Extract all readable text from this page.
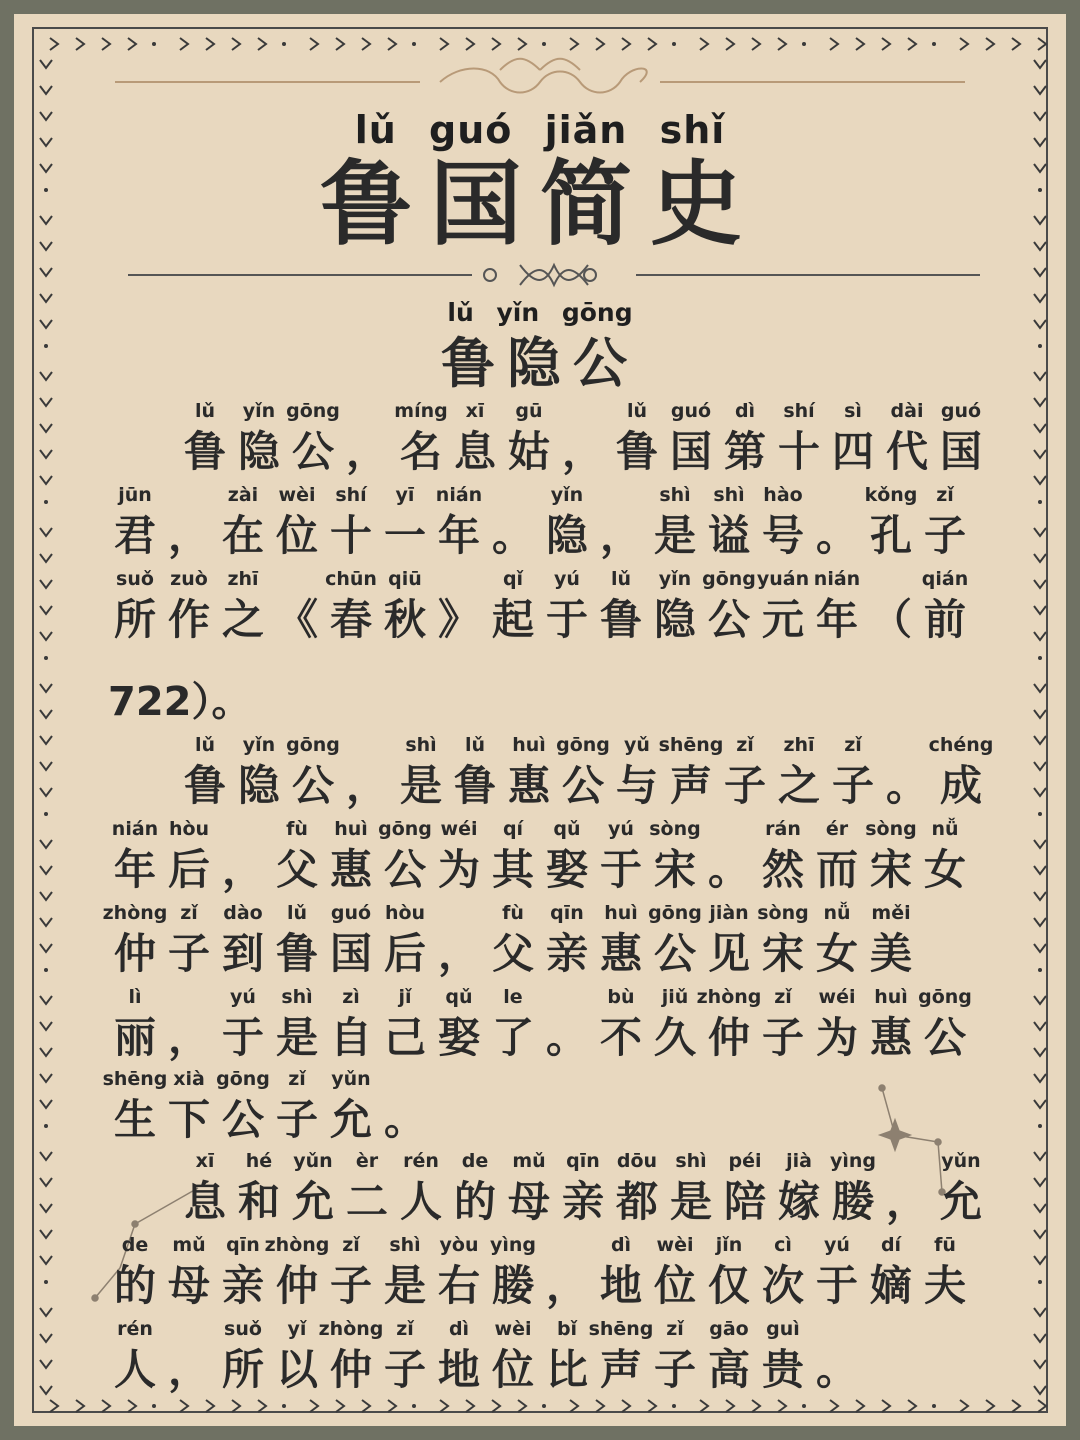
lǔ guó jiǎn shǐ
鲁国简史
lǔ yǐn gōng
鲁隐公
lǔ
鲁
yǐn
隐
gōng
公 ，
míng
名
xī
息
gū
姑 ，
lǔ
鲁
guó
国
dì
第
shí
十
sì
四
dài
代
guó
国
jūn
君 ，
zài
在
wèi
位
shí
十
yī
一
nián
年 。
yǐn
隐 ，
shì
是
shì
谥
hào
号 。
kǒng
孔
zǐ
子
suǒ
所
zuò
作
zhī
之 《
chūn
春
qiū
秋 》
qǐ
起
yú
于
lǔ
鲁
yǐn
隐
gōng
公
yuán
元
nián
年 （
qián
前
722）。
lǔ
鲁
yǐn
隐
gōng
公 ，
shì
是
lǔ
鲁
huì
惠
gōng
公
yǔ
与
shēng
声
zǐ
子
zhī
之
zǐ
子 。
chéng
成
nián
年
hòu
后 ，
fù
父
huì
惠
gōng
公
wéi
为
qí
其
qǔ
娶
yú
于
sòng
宋 。
rán
然
ér
而
sòng
宋
nǚ
女
zhòng
仲
zǐ
子
dào
到
lǔ
鲁
guó
国
hòu
后 ，
fù
父
qīn
亲
huì
惠
gōng
公
jiàn
见
sòng
宋
nǚ
女
měi
美
lì
丽 ，
yú
于
shì
是
zì
自
jǐ
己
qǔ
娶
le
了 。
bù
不
jiǔ
久
zhòng
仲
zǐ
子
wéi
为
huì
惠
gōng
公
shēng
生
xià
下
gōng
公
zǐ
子
yǔn
允 。
xī
息
hé
和
yǔn
允
èr
二
rén
人
de
的
mǔ
母
qīn
亲
dōu
都
shì
是
péi
陪
jià
嫁
yìng
媵 ，
yǔn
允
de
的
mǔ
母
qīn
亲
zhòng
仲
zǐ
子
shì
是
yòu
右
yìng
媵 ，
dì
地
wèi
位
jǐn
仅
cì
次
yú
于
dí
嫡
fū
夫
rén
人 ，
suǒ
所
yǐ
以
zhòng
仲
zǐ
子
dì
地
wèi
位
bǐ
比
shēng
声
zǐ
子
gāo
高
guì
贵 。
